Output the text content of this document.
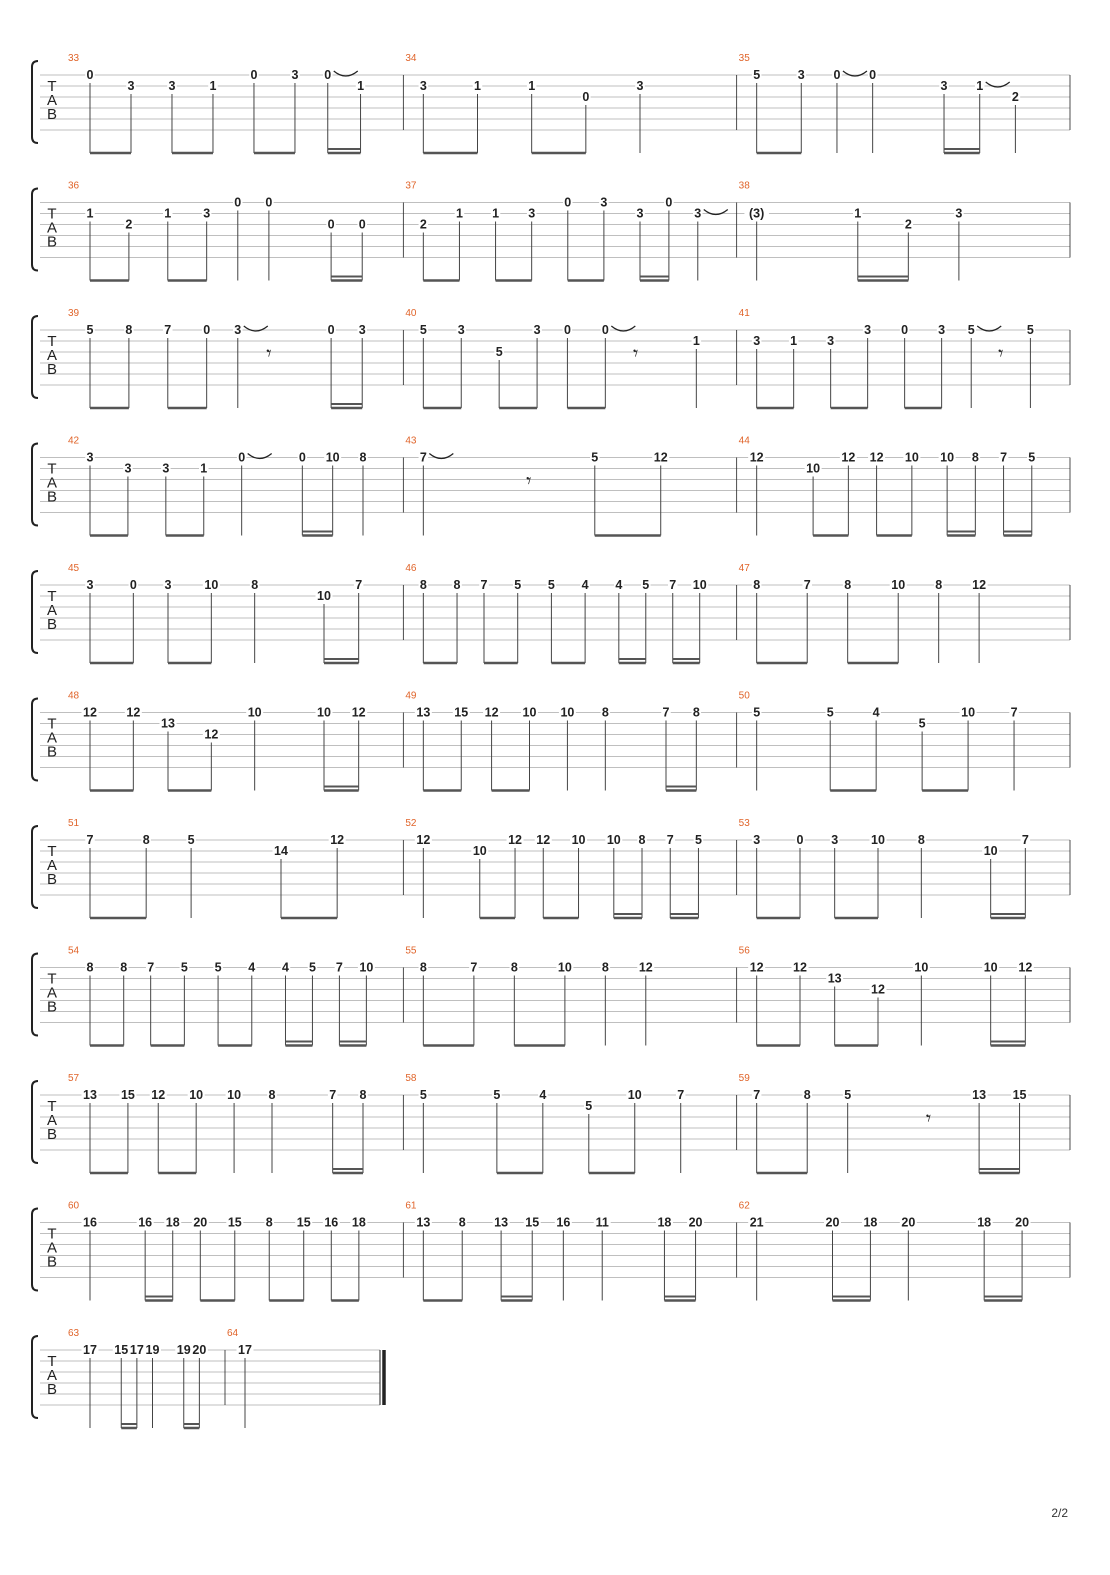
T
A
B
33
0
3	3	1
0	3 0
1
34
3	1	1
0
3
35
5	3 0 0
3 1
2
T
A
B
36
1
2
1	3
0 0
0 0
37
2
1 1 3
0 3
3
0
3
38
(3)	1
2
3
T
A
B
39
5	8	7	0 3
𝄾
0 3
40
5 3
5
3 0 0
𝄾	1
41
3 1 3
3 0 3 5
𝄾
5
T
A
B
42
3
3 3 1
0	0 10 8
43
7
𝄾
5	12
44
12
10
12 12 10 10 8 7 5
T
A
B
45
3	0 3	10	8
10
7
46
8 8 7 5 5 4 4 5 7 10
47
8	7	8	10 8 12
T
A
B
48
12 12
13
12
10	10 12
49
13 15 12 10 10 8	7 8
50
5	5	4
5
10	7
T
A
B
51
7	8	5
14
12
52
12
10
12 12 10 10 8 7 5
53
3	0 3	10	8
10
7
T
A
B
54
8 8 7 5 5 4 4 5 7 10
55
8	7	8	10 8 12
56
12 12
13
12
10	10 12
T
A
B
57
13 15 12 10 10 8	7 8
58
5	5	4
5
10	7
59
7	8	5
𝄾
13 15
T
A
B
60
16	16 18 20 15 8 15 16 18
61
13 8 13 15 16 11	18 20
62
21	20 18 20	18 20
T
A
B
63
17 15 17 19 19 20
64
17
2/2
